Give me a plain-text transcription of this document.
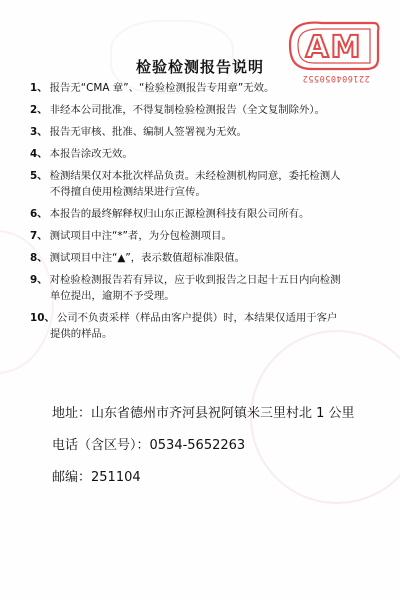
AM
221604050552
检验检测报告说明
1、 报告无“CMA 章”、“检验检测报告专用章”无效。
2、 非经本公司批准，不得复制检验检测报告（全文复制除外）。
3、 报告无审核、批准、编制人签署视为无效。
4、 本报告涂改无效。
5、 检测结果仅对本批次样品负责。未经检测机构同意，委托检测人
不得擅自使用检测结果进行宣传。
6、 本报告的最终解释权归山东正源检测科技有限公司所有。
7、 测试项目中注“*”者，为分包检测项目。
8、 测试项目中注“▲”，表示数值超标准限值。
9、 对检验检测报告若有异议，应于收到报告之日起十五日内向检测
单位提出，逾期不予受理。
10、 公司不负责采样（样品由客户提供）时，本结果仅适用于客户
提供的样品。
地址：山东省德州市齐河县祝阿镇米三里村北 1 公里
电话（含区号）：0534-5652263
邮编：251104
